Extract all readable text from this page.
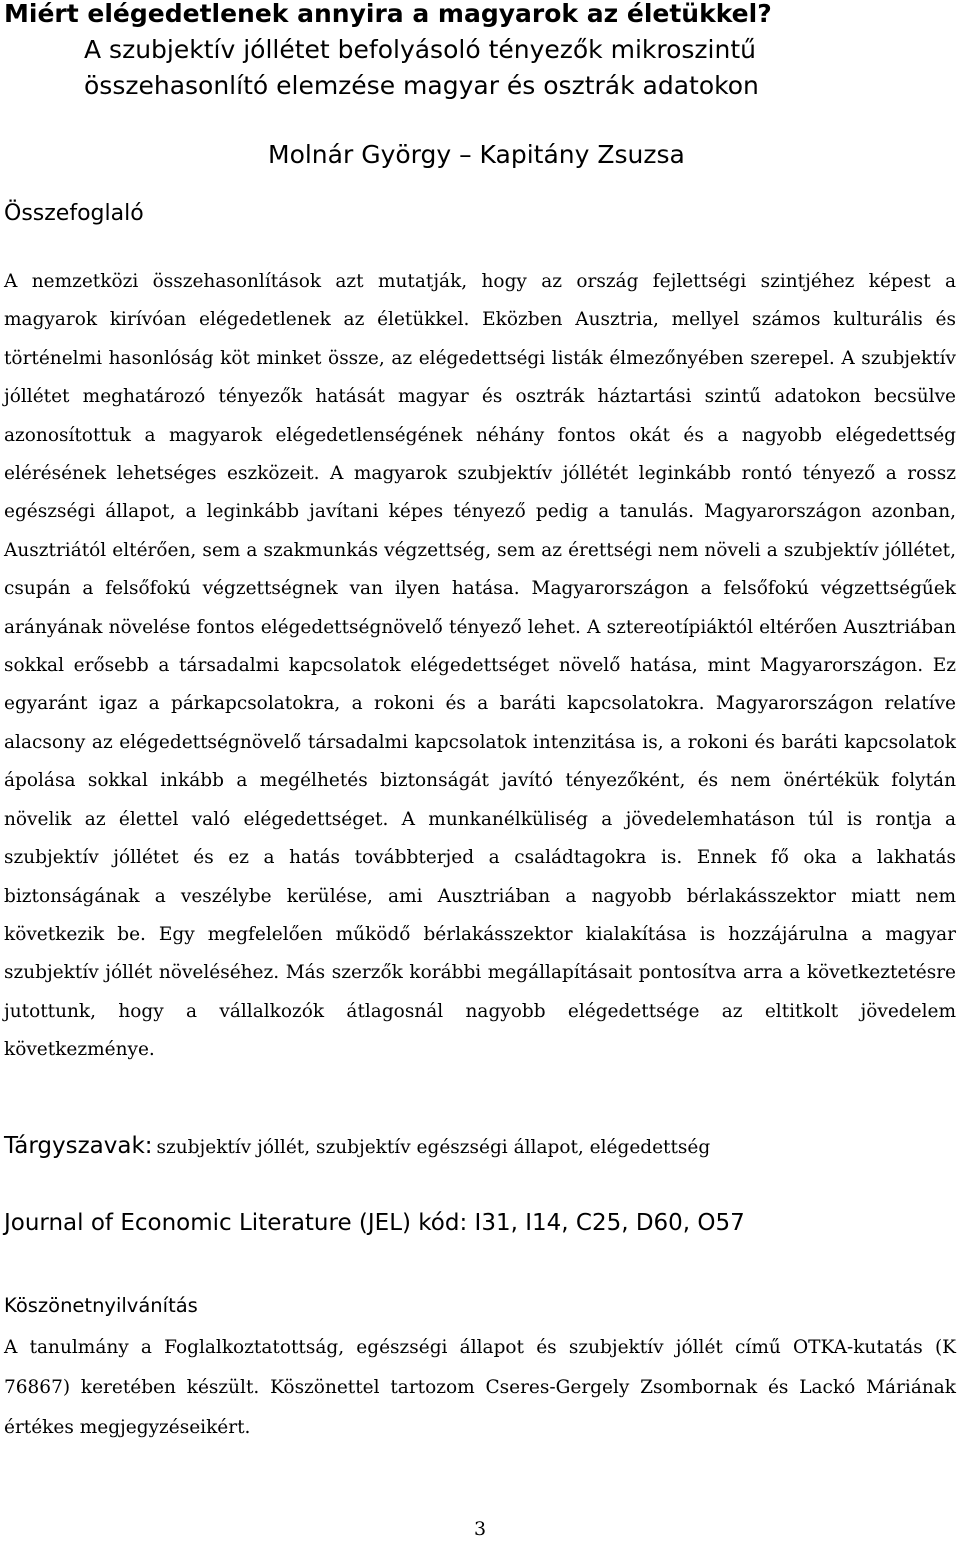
Miért elégedetlenek annyira a magyarok az életükkel?
A szubjektív jóllétet befolyásoló tényezők mikroszintű összehasonlító elemzése magyar és osztrák adatokon
Molnár György – Kapitány Zsuzsa
Összefoglaló
A nemzetközi összehasonlítások azt mutatják, hogy az ország fejlettségi szintjéhez képest a magyarok kirívóan elégedetlenek az életükkel. Eközben Ausztria, mellyel számos kulturális és történelmi hasonlóság köt minket össze, az elégedettségi listák élmezőnyében szerepel. A szubjektív jóllétet meghatározó tényezők hatását magyar és osztrák háztartási szintű adatokon becsülve azonosítottuk a magyarok elégedetlenségének néhány fontos okát és a nagyobb elégedettség elérésének lehetséges eszközeit. A magyarok szubjektív jóllétét leginkább rontó tényező a rossz egészségi állapot, a leginkább javítani képes tényező pedig a tanulás. Magyarországon azonban, Ausztriától eltérően, sem a szakmunkás végzettség, sem az érettségi nem növeli a szubjektív jóllétet, csupán a felsőfokú végzettségnek van ilyen hatása. Magyarországon a felsőfokú végzettségűek arányának növelése fontos elégedettségnövelő tényező lehet. A sztereotípiáktól eltérően Ausztriában sokkal erősebb a társadalmi kapcsolatok elégedettséget növelő hatása, mint Magyarországon. Ez egyaránt igaz a párkapcsolatokra, a rokoni és a baráti kapcsolatokra. Magyarországon relatíve alacsony az elégedettségnövelő társadalmi kapcsolatok intenzitása is, a rokoni és baráti kapcsolatok ápolása sokkal inkább a megélhetés biztonságát javító tényezőként, és nem önértékük folytán növelik az élettel való elégedettséget. A munkanélküliség a jövedelemhatáson túl is rontja a szubjektív jóllétet és ez a hatás továbbterjed a családtagokra is. Ennek fő oka a lakhatás biztonságának a veszélybe kerülése, ami Ausztriában a nagyobb bérlakásszektor miatt nem következik be. Egy megfelelően működő bérlakásszektor kialakítása is hozzájárulna a magyar szubjektív jóllét növeléséhez. Más szerzők korábbi megállapításait pontosítva arra a következtetésre jutottunk, hogy a vállalkozók átlagosnál nagyobb elégedettsége az eltitkolt jövedelem következménye.
Tárgyszavak: szubjektív jóllét, szubjektív egészségi állapot, elégedettség
Journal of Economic Literature (JEL) kód: I31, I14, C25, D60, O57
Köszönetnyilvánítás
A tanulmány a Foglalkoztatottság, egészségi állapot és szubjektív jóllét című OTKA-kutatás (K 76867) keretében készült. Köszönettel tartozom Cseres-Gergely Zsombornak és Lackó Máriának értékes megjegyzéseikért.
3
